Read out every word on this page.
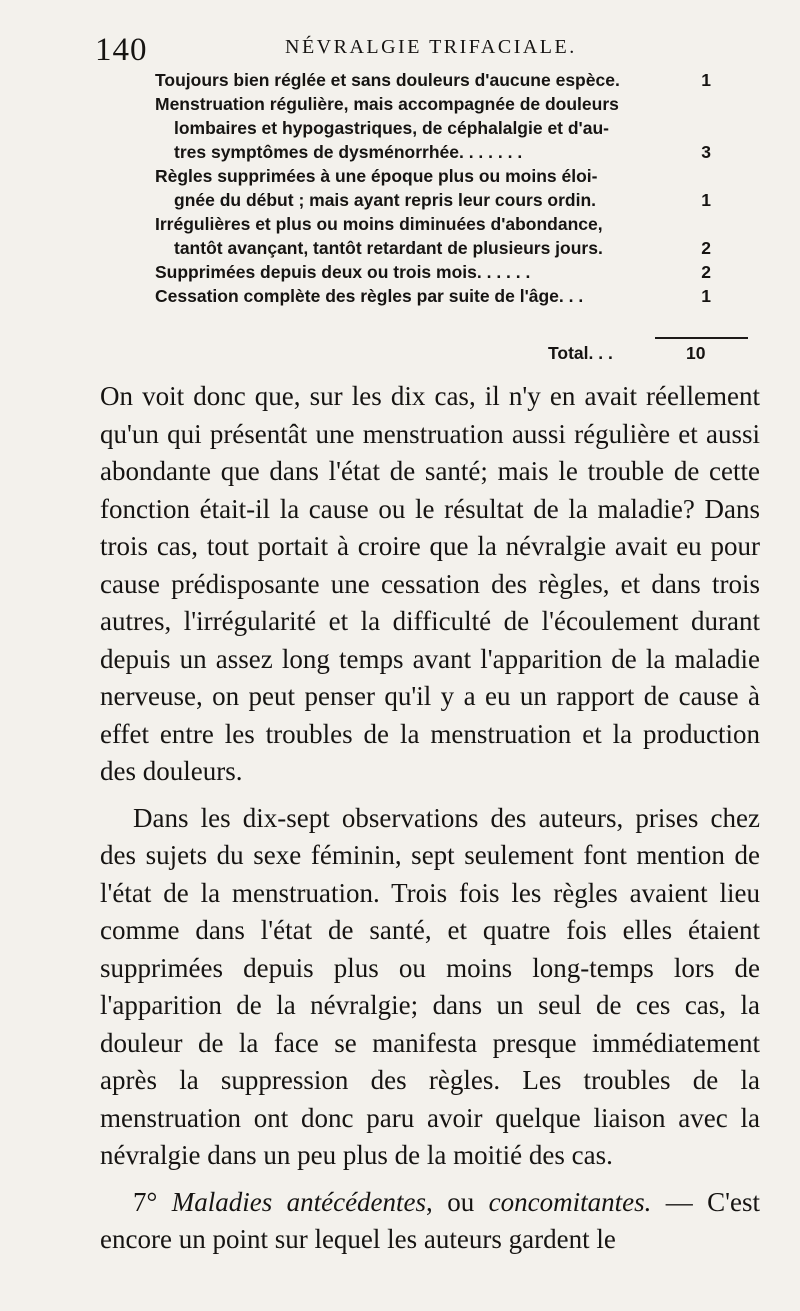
140	NÉVRALGIE TRIFACIALE.
Toujours bien réglée et sans douleurs d'aucune espèce.	1
Menstruation régulière, mais accompagnée de douleurs
lombaires et hypogastriques, de céphalalgie et d'au-
tres symptômes de dysménorrhée. . . . . . .	3
Règles supprimées à une époque plus ou moins éloi-
gnée du début ; mais ayant repris leur cours ordin.	1
Irrégulières et plus ou moins diminuées d'abondance,
tantôt avançant, tantôt retardant de plusieurs jours.	2
Supprimées depuis deux ou trois mois. . . . . .	2
Cessation complète des règles par suite de l'âge. . .	1
Total. . .	10

On voit donc que, sur les dix cas, il n'y en avait réellement qu'un qui présentât une menstruation aussi régulière et aussi abondante que dans l'état de santé; mais le trouble de cette fonction était-il la cause ou le résultat de la maladie? Dans trois cas, tout portait à croire que la névralgie avait eu pour cause prédisposante une cessation des règles, et dans trois autres, l'irrégularité et la difficulté de l'écoulement durant depuis un assez long temps avant l'apparition de la maladie nerveuse, on peut penser qu'il y a eu un rapport de cause à effet entre les troubles de la menstruation et la production des douleurs.

Dans les dix-sept observations des auteurs, prises chez des sujets du sexe féminin, sept seulement font mention de l'état de la menstruation. Trois fois les règles avaient lieu comme dans l'état de santé, et quatre fois elles étaient supprimées depuis plus ou moins long-temps lors de l'apparition de la névralgie; dans un seul de ces cas, la douleur de la face se manifesta presque immédiatement après la suppression des règles. Les troubles de la menstruation ont donc paru avoir quelque liaison avec la névralgie dans un peu plus de la moitié des cas.

7° Maladies antécédentes, ou concomitantes. — C'est encore un point sur lequel les auteurs gardent le
